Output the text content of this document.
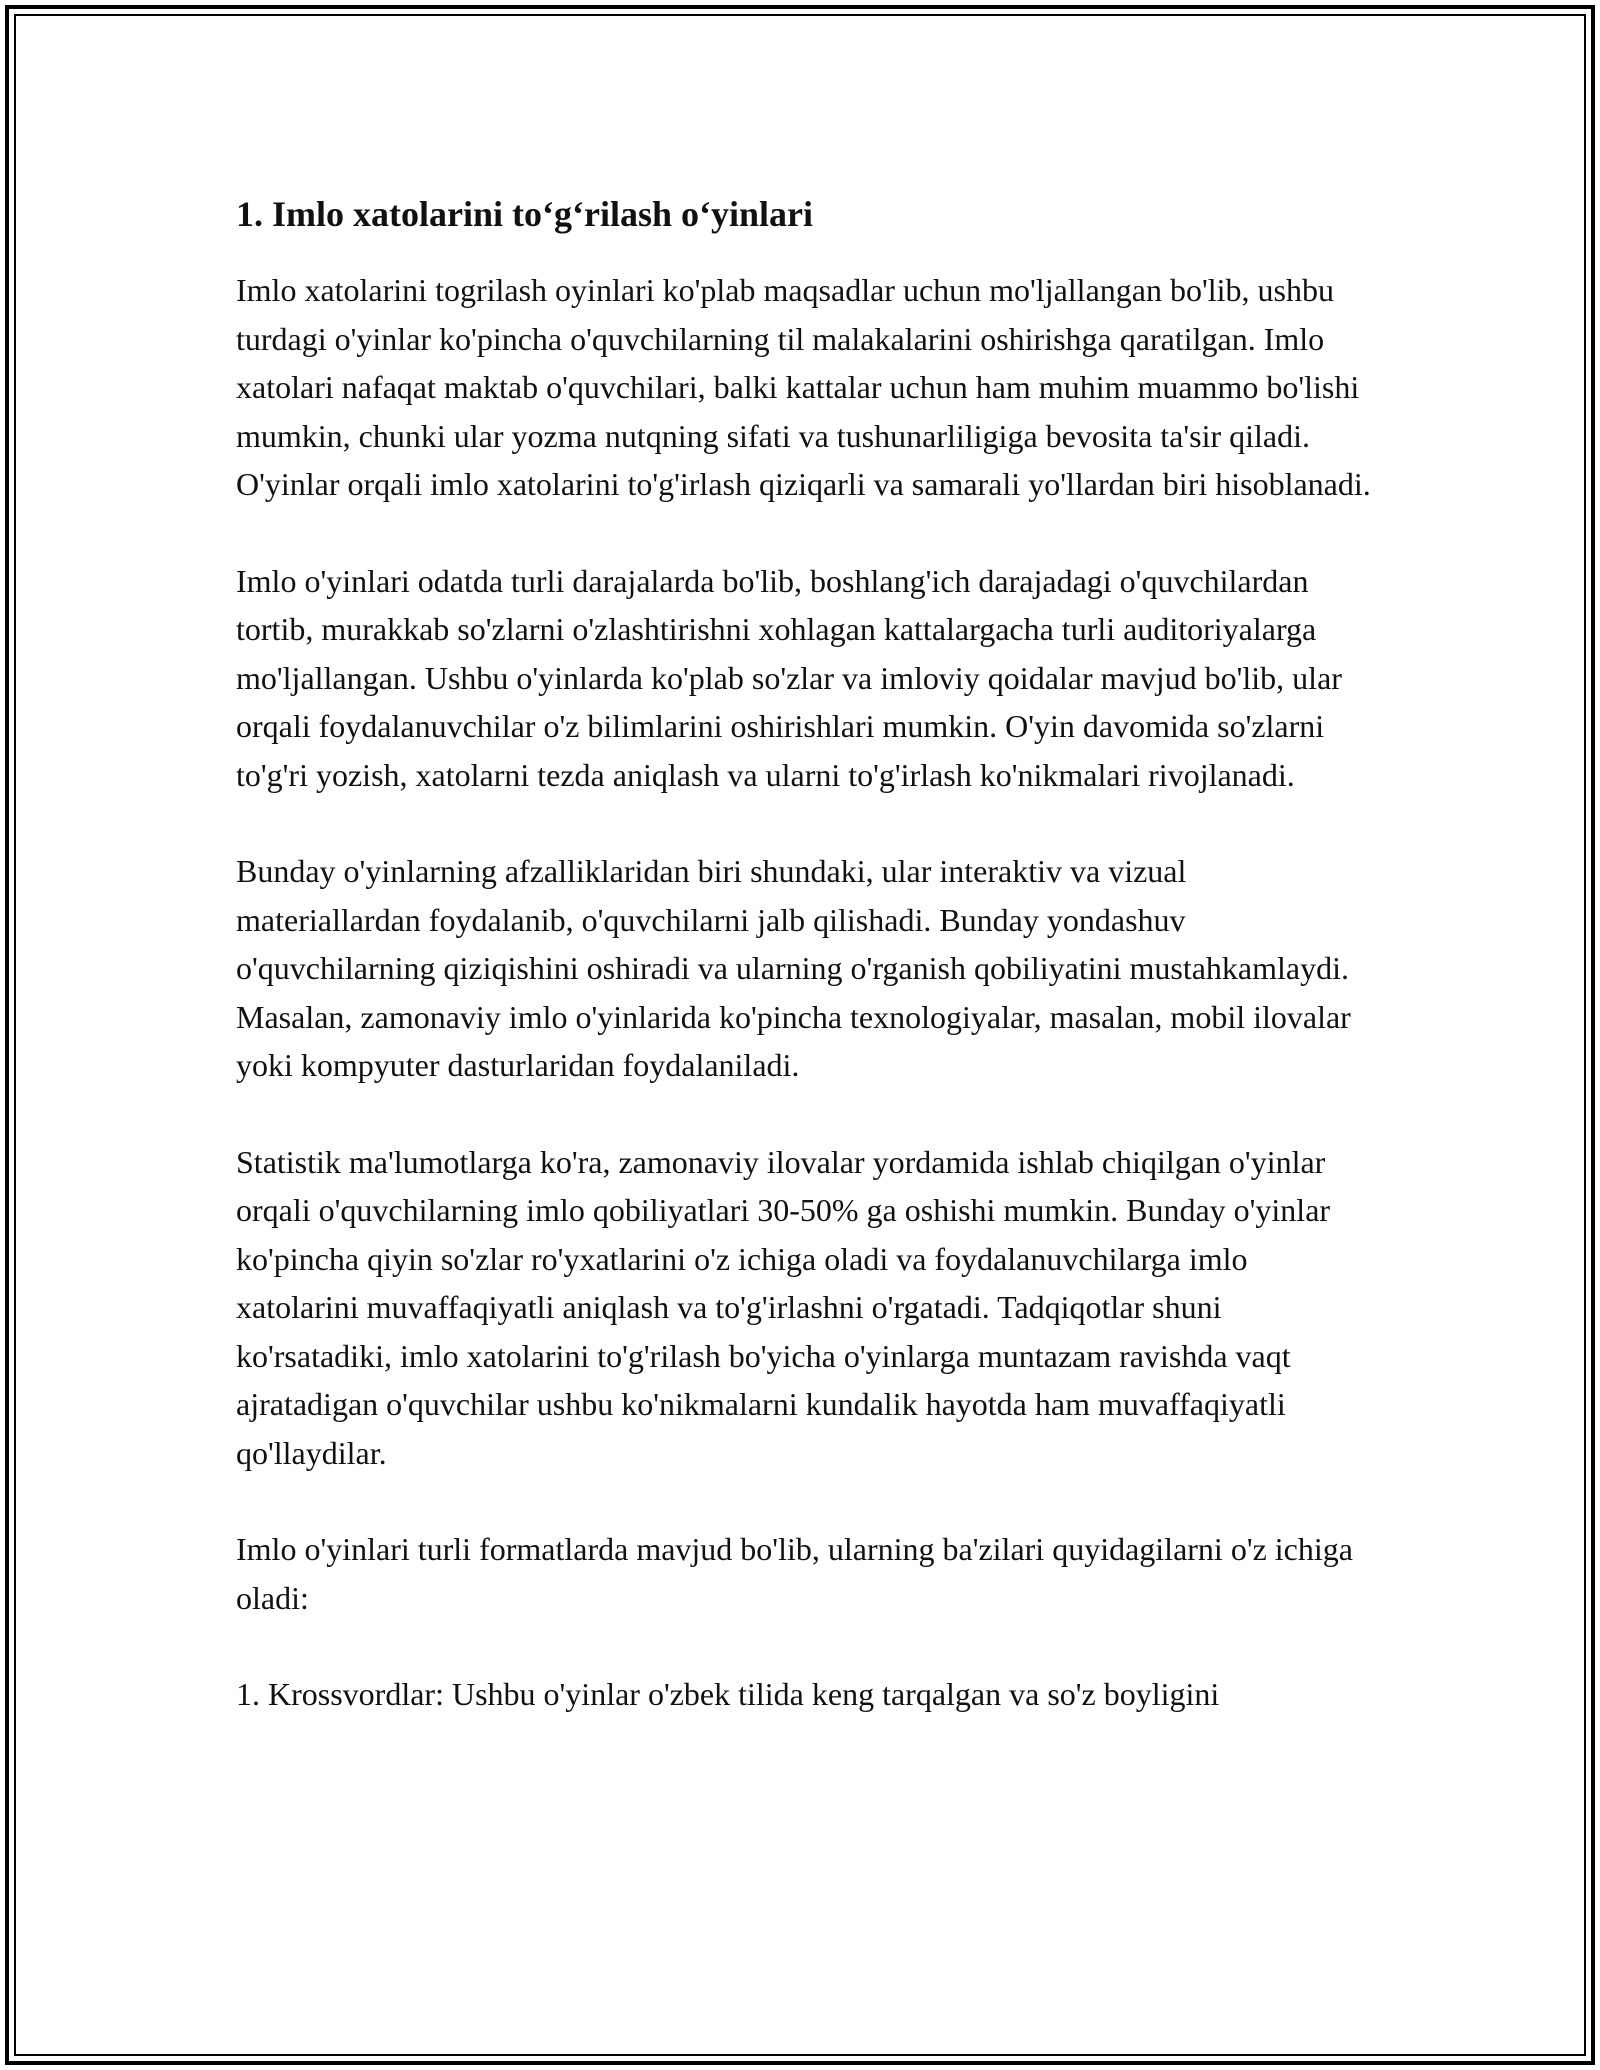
1. Imlo xatolarini to‘g‘rilash o‘yinlari

Imlo xatolarini togrilash oyinlari ko'plab maqsadlar uchun mo'ljallangan bo'lib, ushbu turdagi o'yinlar ko'pincha o'quvchilarning til malakalarini oshirishga qaratilgan. Imlo xatolari nafaqat maktab o'quvchilari, balki kattalar uchun ham muhim muammo bo'lishi mumkin, chunki ular yozma nutqning sifati va tushunarliligiga bevosita ta'sir qiladi. O'yinlar orqali imlo xatolarini to'g'irlash qiziqarli va samarali yo'llardan biri hisoblanadi.

Imlo o'yinlari odatda turli darajalarda bo'lib, boshlang'ich darajadagi o'quvchilardan tortib, murakkab so'zlarni o'zlashtirishni xohlagan kattalargacha turli auditoriyalarga mo'ljallangan. Ushbu o'yinlarda ko'plab so'zlar va imloviy qoidalar mavjud bo'lib, ular orqali foydalanuvchilar o'z bilimlarini oshirishlari mumkin. O'yin davomida so'zlarni to'g'ri yozish, xatolarni tezda aniqlash va ularni to'g'irlash ko'nikmalari rivojlanadi.

Bunday o'yinlarning afzalliklaridan biri shundaki, ular interaktiv va vizual materiallardan foydalanib, o'quvchilarni jalb qilishadi. Bunday yondashuv o'quvchilarning qiziqishini oshiradi va ularning o'rganish qobiliyatini mustahkamlaydi. Masalan, zamonaviy imlo o'yinlarida ko'pincha texnologiyalar, masalan, mobil ilovalar yoki kompyuter dasturlaridan foydalaniladi.

Statistik ma'lumotlarga ko'ra, zamonaviy ilovalar yordamida ishlab chiqilgan o'yinlar orqali o'quvchilarning imlo qobiliyatlari 30-50% ga oshishi mumkin. Bunday o'yinlar ko'pincha qiyin so'zlar ro'yxatlarini o'z ichiga oladi va foydalanuvchilarga imlo xatolarini muvaffaqiyatli aniqlash va to'g'irlashni o'rgatadi. Tadqiqotlar shuni ko'rsatadiki, imlo xatolarini to'g'rilash bo'yicha o'yinlarga muntazam ravishda vaqt ajratadigan o'quvchilar ushbu ko'nikmalarni kundalik hayotda ham muvaffaqiyatli qo'llaydilar.

Imlo o'yinlari turli formatlarda mavjud bo'lib, ularning ba'zilari quyidagilarni o'z ichiga oladi:

1. Krossvordlar: Ushbu o'yinlar o'zbek tilida keng tarqalgan va so'z boyligini
